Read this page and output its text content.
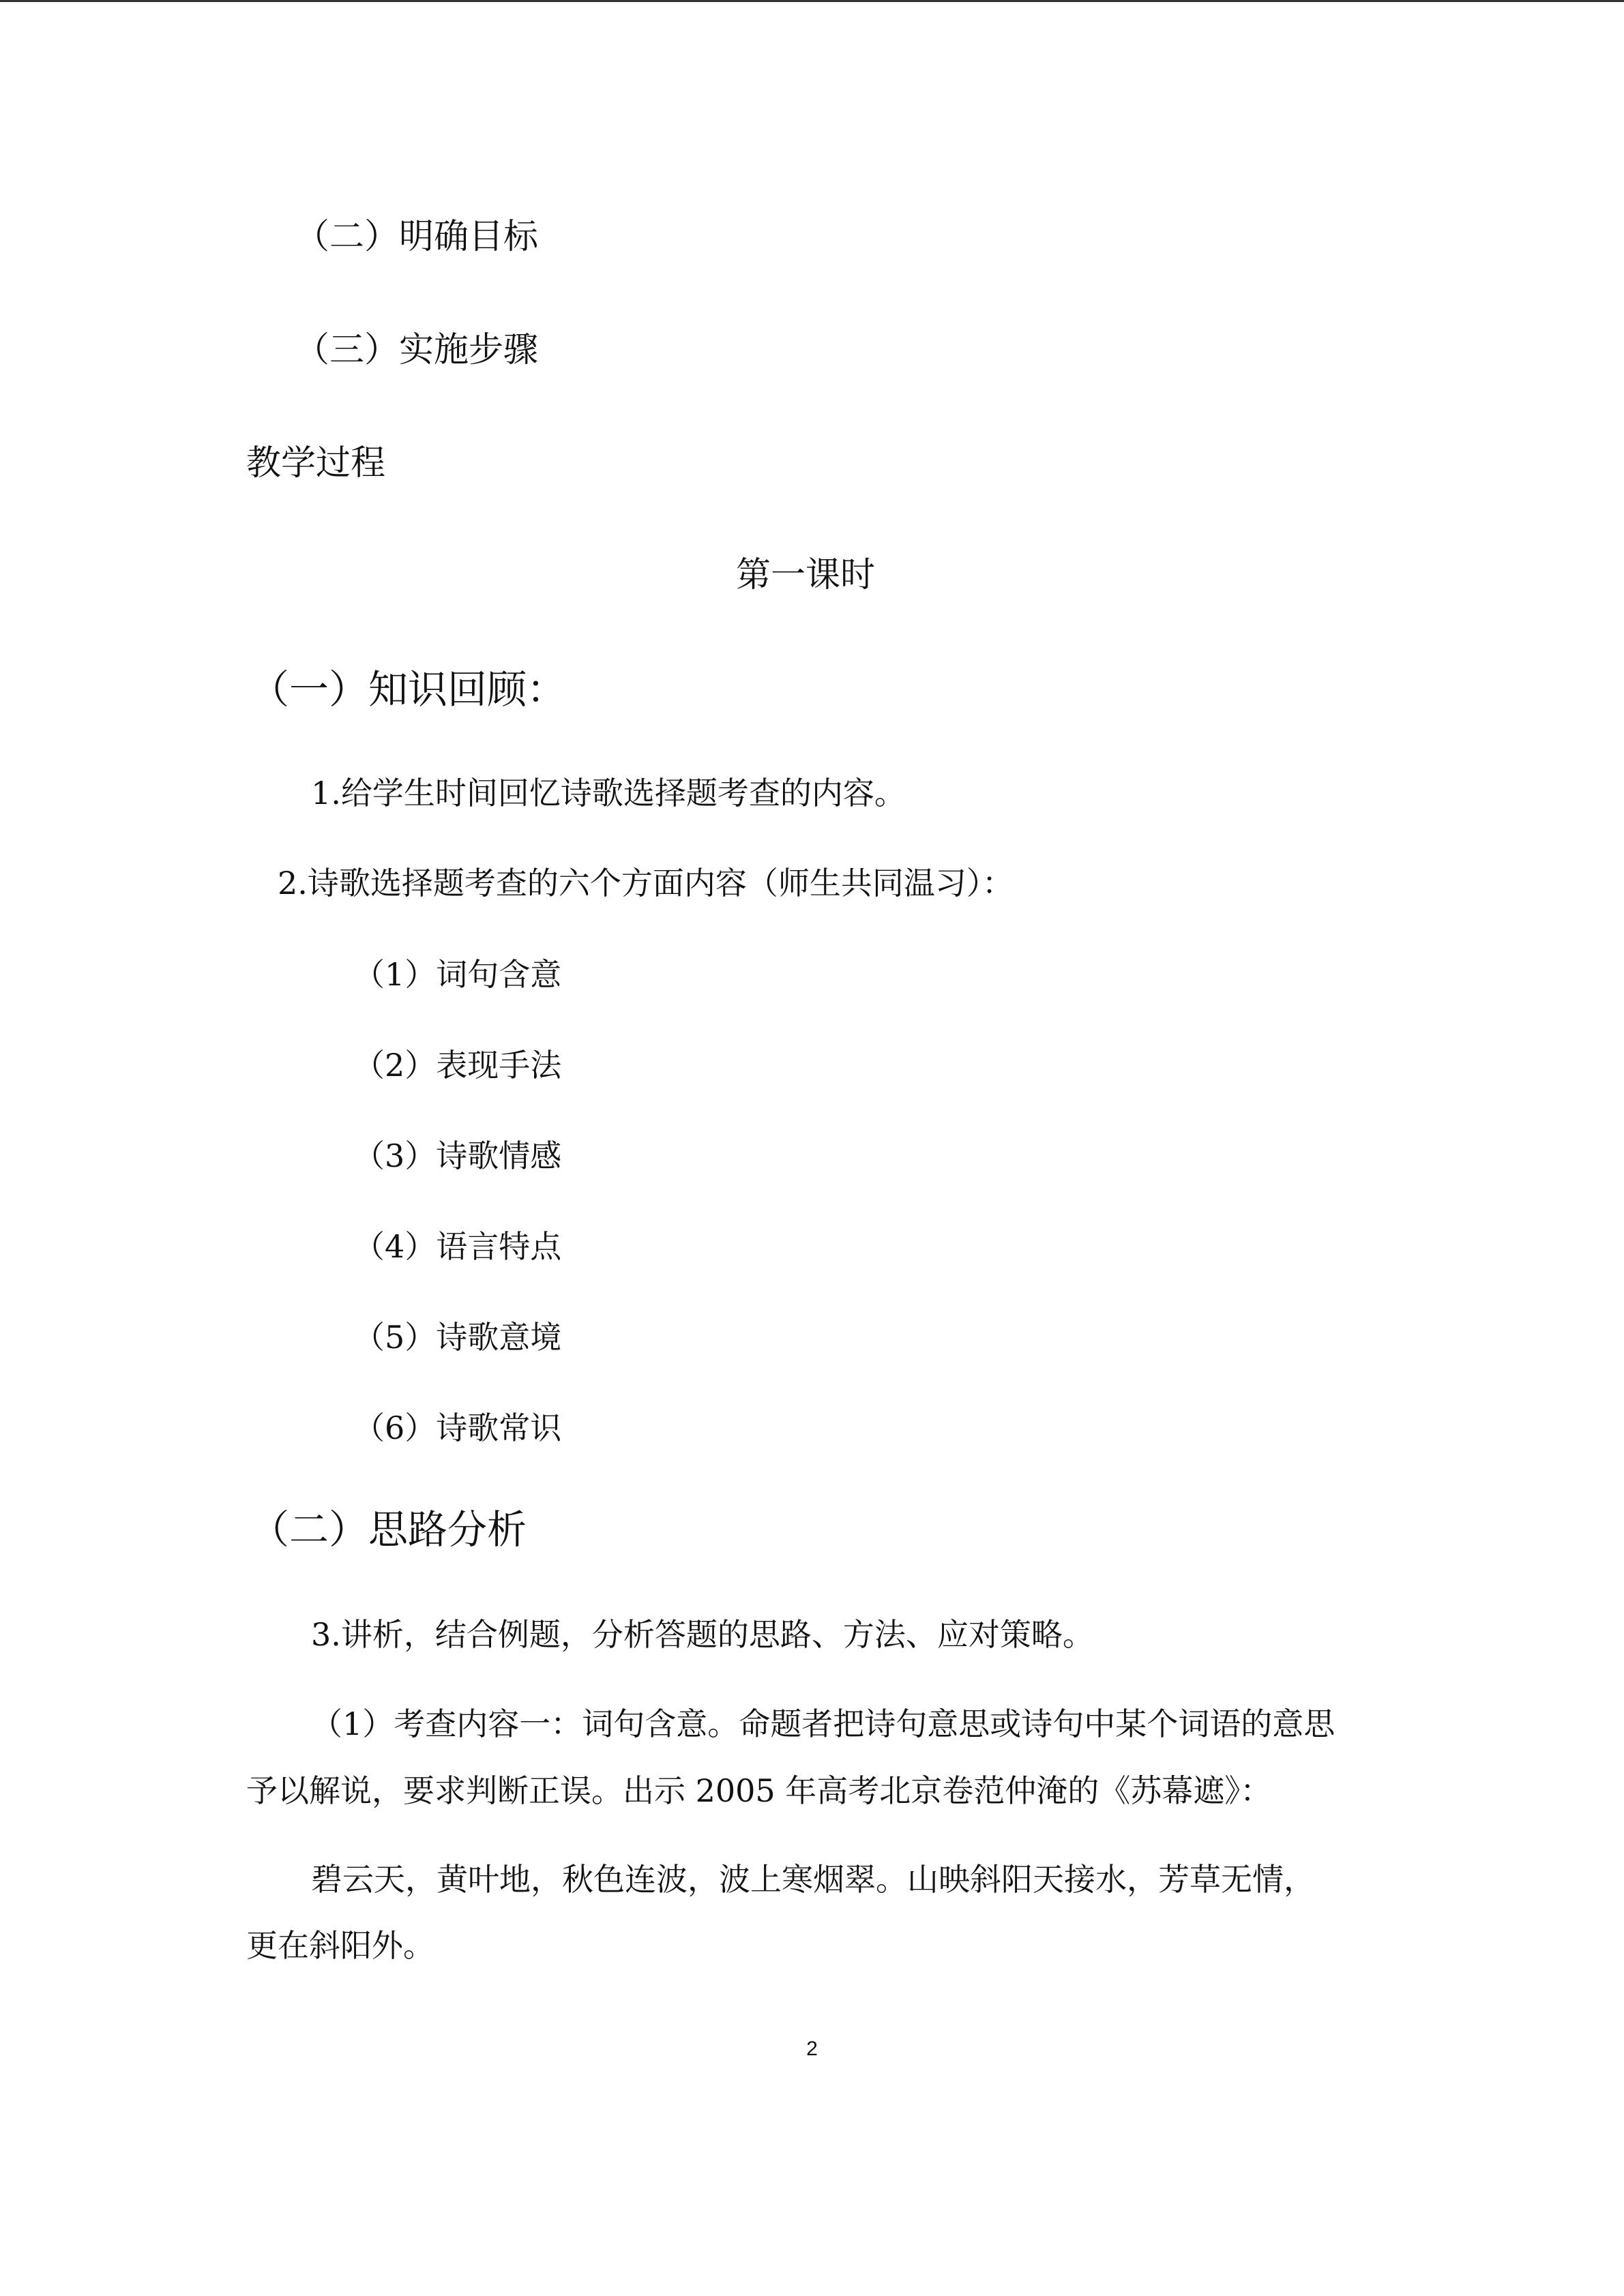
（二）明确目标
（三）实施步骤
教学过程
第一课时
（一）知识回顾：
1.给学生时间回忆诗歌选择题考查的内容。
2.诗歌选择题考查的六个方面内容（师生共同温习）：
（1）词句含意
（2）表现手法
（3）诗歌情感
（4）语言特点
（5）诗歌意境
（6）诗歌常识
（二）思路分析
3.讲析，结合例题，分析答题的思路、方法、应对策略。
（1）考查内容一：词句含意。命题者把诗句意思或诗句中某个词语的意思
予以解说，要求判断正误。出示 2005 年高考北京卷范仲淹的《苏幕遮》：
碧云天，黄叶地，秋色连波，波上寒烟翠。山映斜阳天接水，芳草无情，
更在斜阳外。
2
